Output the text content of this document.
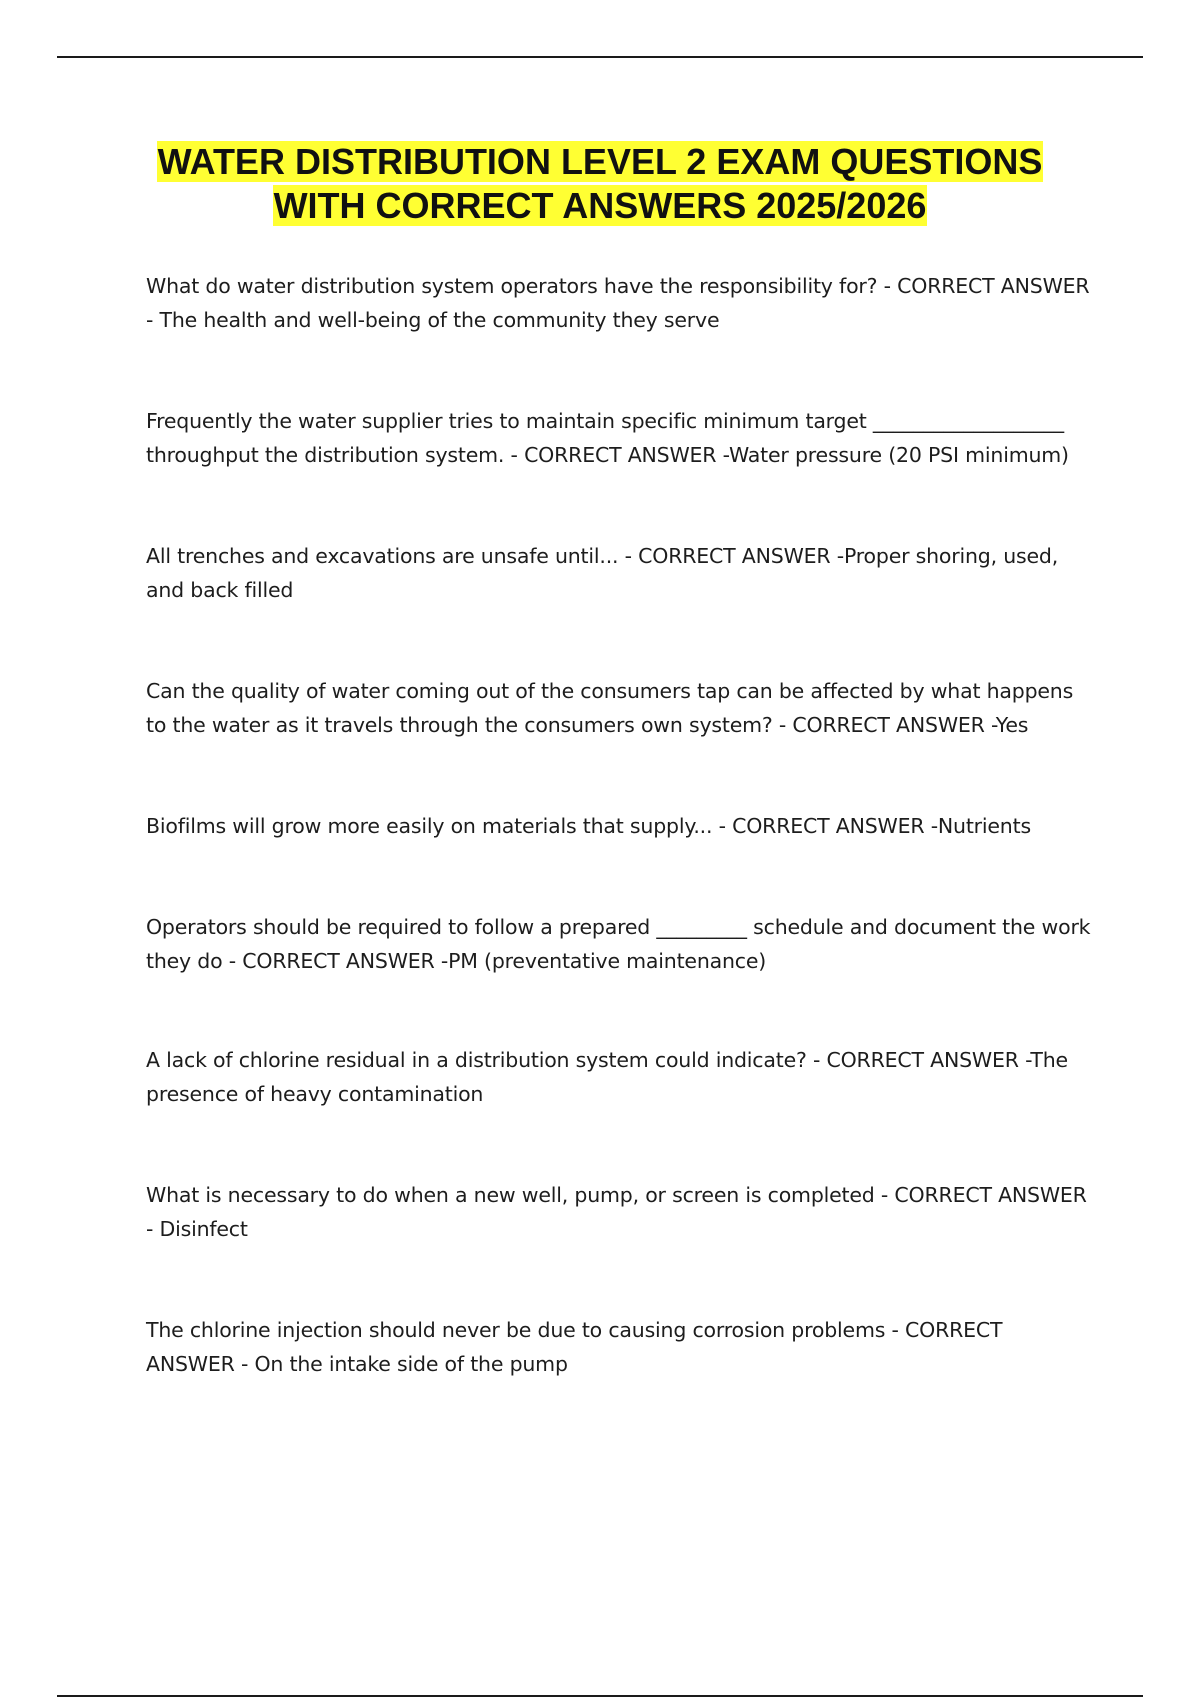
WATER DISTRIBUTION LEVEL 2 EXAM QUESTIONS
WITH CORRECT ANSWERS 2025/2026

What do water distribution system operators have the responsibility for? - CORRECT ANSWER - The health and well-being of the community they serve

Frequently the water supplier tries to maintain specific minimum target ___________________ throughput the distribution system. - CORRECT ANSWER -Water pressure (20 PSI minimum)

All trenches and excavations are unsafe until... - CORRECT ANSWER -Proper shoring, used, and back filled

Can the quality of water coming out of the consumers tap can be affected by what happens to the water as it travels through the consumers own system? - CORRECT ANSWER -Yes

Biofilms will grow more easily on materials that supply... - CORRECT ANSWER -Nutrients

Operators should be required to follow a prepared _________ schedule and document the work they do - CORRECT ANSWER -PM (preventative maintenance)

A lack of chlorine residual in a distribution system could indicate? - CORRECT ANSWER -The presence of heavy contamination

What is necessary to do when a new well, pump, or screen is completed - CORRECT ANSWER - Disinfect

The chlorine injection should never be due to causing corrosion problems - CORRECT ANSWER - On the intake side of the pump
